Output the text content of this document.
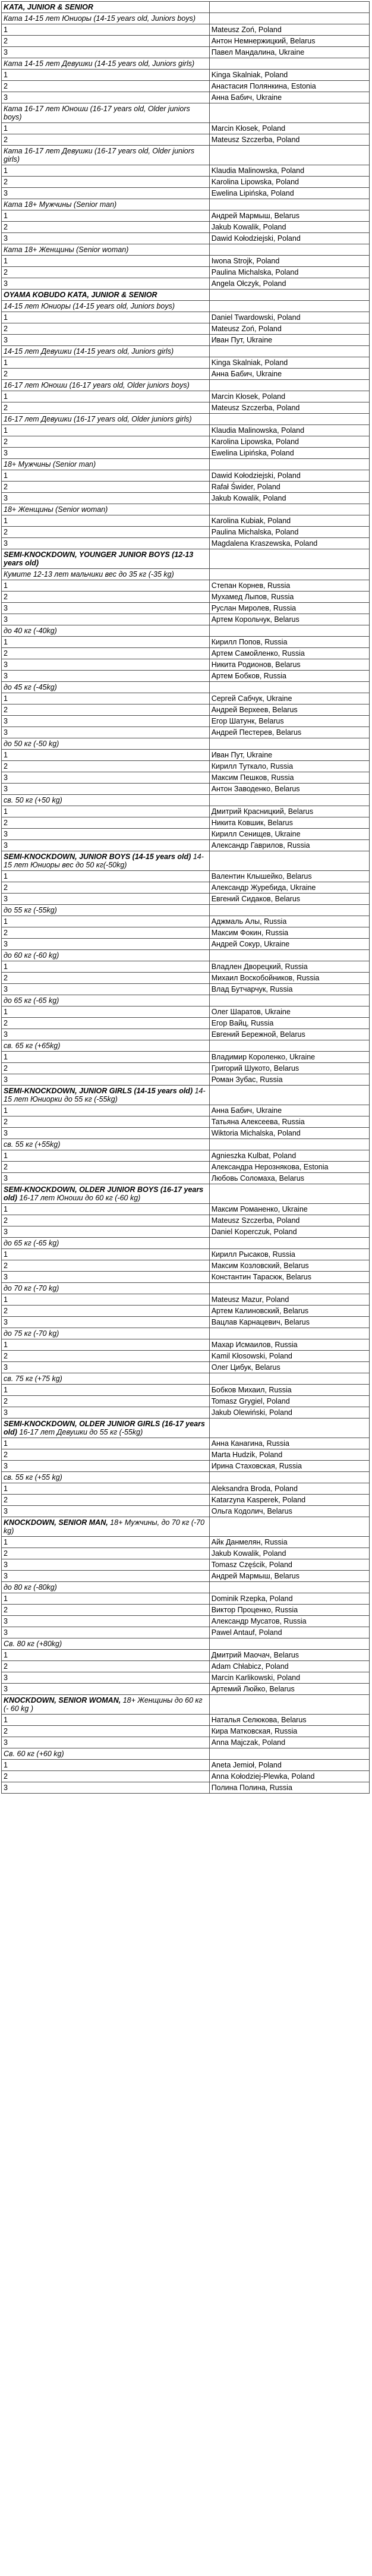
KATA, JUNIOR & SENIOR	
Ката 14-15 лет Юниоры (14-15 years old, Juniors boys)	
1	Mateusz Zoń, Poland
2	Антон Немнержицкий, Belarus
3	Павел Мандалина, Ukraine
Ката 14-15 лет Девушки (14-15 years old, Juniors girls)	
1	Kinga Skalniak, Poland
2	Анастасия Полянкина, Estonia
3	Анна Бабич, Ukraine
Ката 16-17 лет Юноши (16-17 years old, Older juniors boys)	
1	Marcin Kłosek, Poland
2	Mateusz Szczerba, Poland
Ката 16-17 лет Девушки (16-17 years old, Older juniors girls)	
1	Klaudia Malinowska, Poland
2	Karolina Lipowska, Poland
3	Ewelina Lipińska, Poland
Ката 18+ Мужчины (Senior man)	
1	Андрей Мармыш, Belarus
2	Jakub Kowalik, Poland
3	Dawid Kołodziejski, Poland
Ката 18+ Женщины (Senior woman)	
1	Iwona Strojk, Poland
2	Paulina Michalska, Poland
3	Angela Ołczyk, Poland
OYAMA KOBUDO KATA, JUNIOR & SENIOR	
14-15 лет Юниоры (14-15 years old, Juniors boys)	
1	Daniel Twardowski, Poland
2	Mateusz Zoń, Poland
3	Иван Пут, Ukraine
14-15 лет Девушки (14-15 years old, Juniors girls)	
1	Kinga Skalniak, Poland
2	Анна Бабич, Ukraine
16-17 лет Юноши (16-17 years old, Older juniors boys)	
1	Marcin Kłosek, Poland
2	Mateusz Szczerba, Poland
16-17 лет Девушки (16-17 years old, Older juniors girls)	
1	Klaudia Malinowska, Poland
2	Karolina Lipowska, Poland
3	Ewelina Lipińska, Poland
18+ Мужчины (Senior man)	
1	Dawid Kołodziejski, Poland
2	Rafał Świder, Poland
3	Jakub Kowalik, Poland
18+ Женщины (Senior woman)	
1	Karolina Kubiak, Poland
2	Paulina Michalska, Poland
3	Magdalena Kraszewska, Poland
SEMI-KNOCKDOWN, YOUNGER JUNIOR BOYS (12-13 years old)	
Кумите 12-13 лет мальчики вес до 35 кг (-35 kg)	
1	Степан Корнев, Russia
2	Мухамед Лыпов, Russia
3	Руслан Миролев, Russia
3	Артем Корольчук, Belarus
до 40 кг (-40kg)	
1	Кирилл Попов, Russia
2	Артем Самойленко, Russia
3	Никита Родионов, Belarus
3	Артем Бобков, Russia
до 45 кг (-45kg)	
1	Сергей Сабчук, Ukraine
2	Андрей Верхеев, Belarus
3	Егор Шатунк, Belarus
3	Андрей Пестерев, Belarus
до 50 кг (-50 kg)	
1	Иван Пут, Ukraine
2	Кирилл Туткало, Russia
3	Максим Пешков, Russia
3	Антон Заводенко, Belarus
св. 50 кг (+50 kg)	
1	Дмитрий Красницкий, Belarus
2	Никита Ковшик, Belarus
3	Кирилл Сенищев, Ukraine
3	Александр Гаврилов, Russia
SEMI-KNOCKDOWN, JUNIOR BOYS (14-15 years old) 14-15 лет Юниоры вес до 50 кг(-50kg)	
1	Валентин Клышейко, Belarus
2	Александр Журебида, Ukraine
3	Евгений Сидаков, Belarus
до 55 кг (-55kg)	
1	Аджмаль Алы, Russia
2	Максим Фокин, Russia
3	Андрей Сокур, Ukraine
до 60 кг (-60 kg)	
1	Владлен Дворецкий, Russia
2	Михаил Воскобойников, Russia
3	Влад Бутчарчук, Russia
до 65 кг (-65 kg)	
1	Олег Шаратов, Ukraine
2	Егор Вайц, Russia
3	Евгений Бережной, Belarus
св. 65 кг (+65kg)	
1	Владимир Короленко, Ukraine
2	Григорий Шукото, Belarus
3	Роман Зубас, Russia
SEMI-KNOCKDOWN, JUNIOR GIRLS (14-15 years old) 14-15 лет Юниорки до 55 кг (-55kg)	
1	Анна Бабич, Ukraine
2	Татьяна Алексеева, Russia
3	Wiktoria Michalska, Poland
св. 55 кг (+55kg)	
1	Agnieszka Kulbat, Poland
2	Александра Нерознякова, Estonia
3	Любовь Соломаха, Belarus
SEMI-KNOCKDOWN, OLDER JUNIOR BOYS (16-17 years old) 16-17 лет Юноши до 60 кг (-60 kg)	
1	Максим Романенко, Ukraine
2	Mateusz Szczerba, Poland
3	Daniel Koperczuk, Poland
до 65 кг (-65 kg)	
1	Кирилл Рысаков, Russia
2	Максим Козловский, Belarus
3	Константин Тарасюк, Belarus
до 70 кг (-70 kg)	
1	Mateusz Mazur, Poland
2	Артем Калиновский, Belarus
3	Вацлав Карнацевич, Belarus
до 75 кг (-70 kg)	
1	Махар Исмаилов, Russia
2	Kamil Kłosowski, Poland
3	Олег Цибук, Belarus
св. 75 кг (+75 kg)	
1	Бобков Михаил, Russia
2	Tomasz Grygiel, Poland
3	Jakub Olewiński, Poland
SEMI-KNOCKDOWN, OLDER JUNIOR GIRLS (16-17 years old) 16-17 лет Девушки до 55 кг (-55kg)	
1	Анна Канагина, Russia
2	Marta Hudzik, Poland
3	Ирина Стаховская, Russia
св. 55 кг (+55 kg)	
1	Aleksandra Broda, Poland
2	Katarzyna Kasperek, Poland
3	Ольга Кодолич, Belarus
KNOCKDOWN, SENIOR MAN, 18+ Мужчины, до 70 кг (-70 kg)	
1	Айк Данмелян, Russia
2	Jakub Kowalik, Poland
3	Tomasz Częścik, Poland
3	Андрей Мармыш, Belarus
до 80 кг (-80kg)	
1	Dominik Rzepka, Poland
2	Виктор Проценко, Russia
3	Александр Мусатов, Russia
3	Pawel Antauf, Poland
Св. 80 кг (+80kg)	
1	Дмитрий Маочач, Belarus
2	Adam Chłabicz, Poland
3	Marcin Karlikowski, Poland
3	Артемий Люйко, Belarus
KNOCKDOWN, SENIOR WOMAN, 18+ Женщины до 60 кг (- 60 kg )	
1	Наталья Селюкова, Belarus
2	Кира Матковская, Russia
3	Anna Majczak, Poland
Св. 60 кг (+60 kg)	
1	Aneta Jemioł, Poland
2	Anna Kołodziej-Plewka, Poland
3	Полина Полина, Russia
